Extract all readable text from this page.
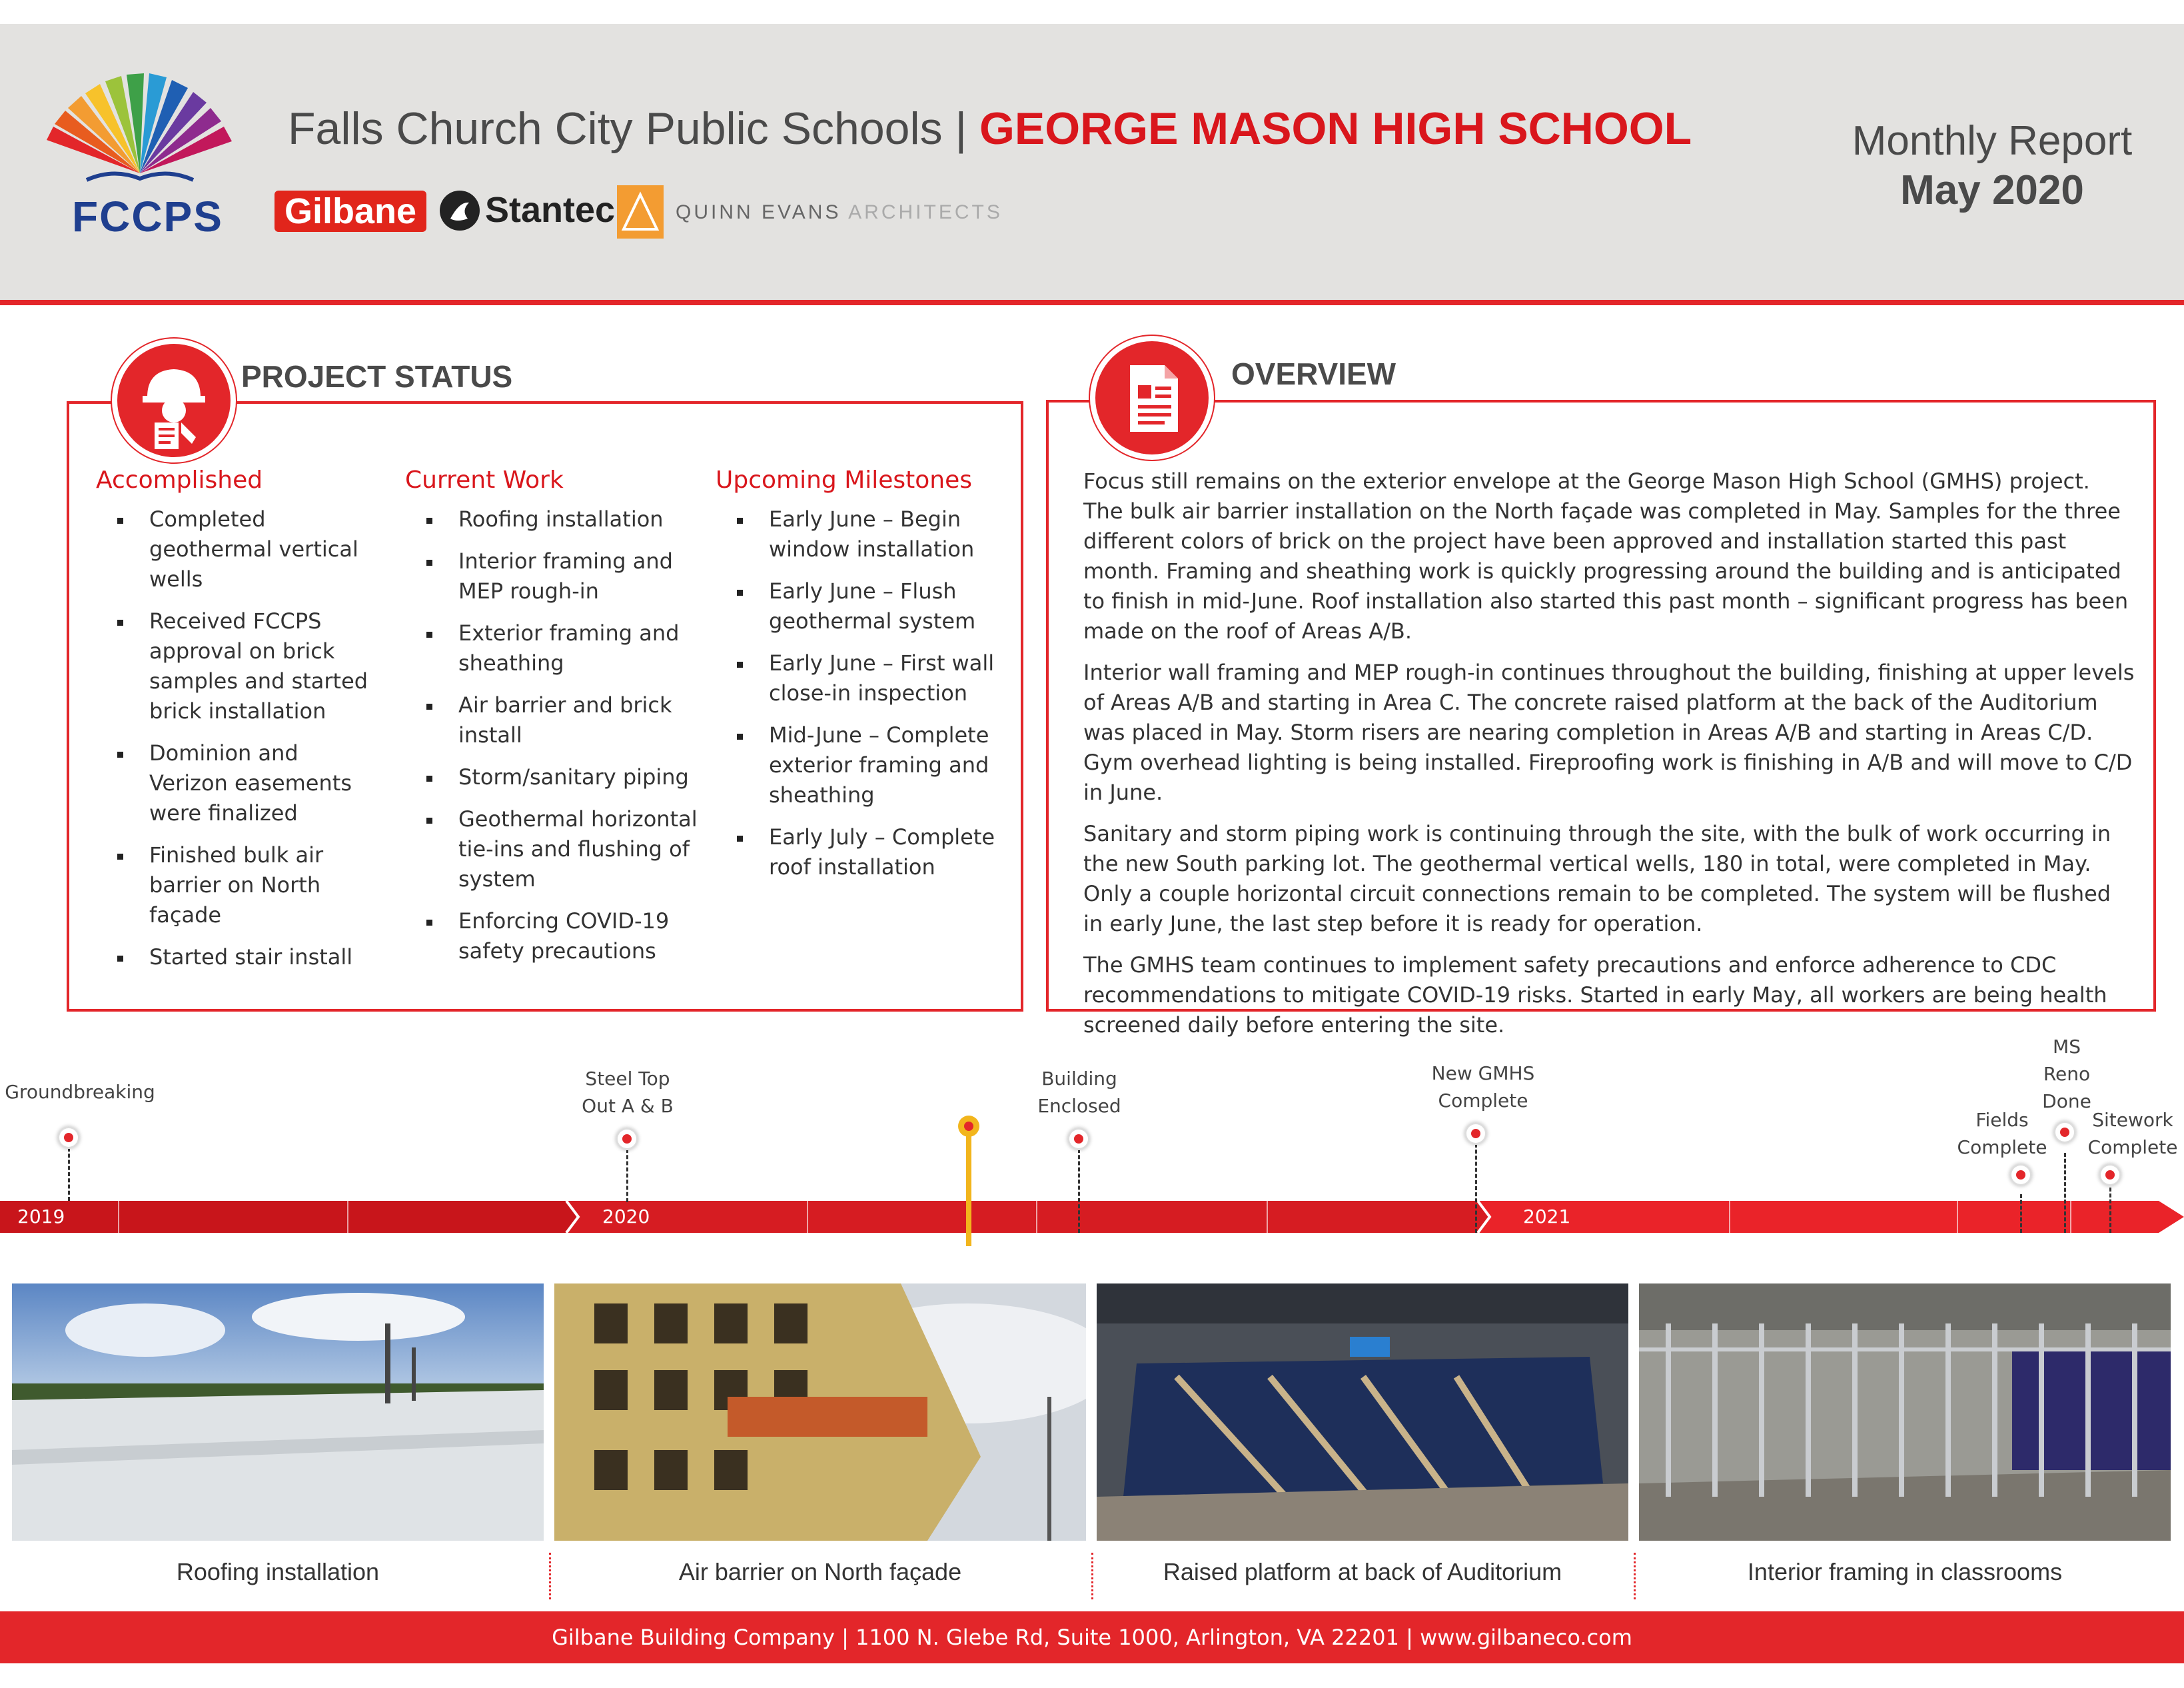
FCCPS
Falls Church City Public Schools | GEORGE MASON HIGH SCHOOL	Monthly Report
May 2020
Gilbane Stantec	QUINN EVANS ARCHITECTS
PROJECT STATUS
Accomplished
Completed geothermal vertical wells
Received FCCPS approval on brick samples and started brick installation
Dominion and Verizon easements were finalized
Finished bulk air barrier on North façade
Started stair install
Current Work
Roofing installation
Interior framing and MEP rough-in
Exterior framing and sheathing
Air barrier and brick install
Storm/sanitary piping
Geothermal horizontal tie-ins and flushing of system
Enforcing COVID-19 safety precautions
Upcoming Milestones
Early June – Begin window installation
Early June – Flush geothermal system
Early June – First wall close-in inspection
Mid-June – Complete exterior framing and sheathing
Early July – Complete roof installation
OVERVIEW

Focus still remains on the exterior envelope at the George Mason High School (GMHS) project. The bulk air barrier installation on the North façade was completed in May. Samples for the three different colors of brick on the project have been approved and installation started this past month. Framing and sheathing work is quickly progressing around the building and is anticipated to finish in mid-June. Roof installation also started this past month – significant progress has been made on the roof of Areas A/B.

Interior wall framing and MEP rough-in continues throughout the building, finishing at upper levels of Areas A/B and starting in Area C. The concrete raised platform at the back of the Auditorium was placed in May. Storm risers are nearing completion in Areas A/B and starting in Areas C/D. Gym overhead lighting is being installed. Fireproofing work is finishing in A/B and will move to C/D in June.

Sanitary and storm piping work is continuing through the site, with the bulk of work occurring in the new South parking lot. The geothermal vertical wells, 180 in total, were completed in May. Only a couple horizontal circuit connections remain to be completed. The system will be flushed in early June, the last step before it is ready for operation.

The GMHS team continues to implement safety precautions and enforce adherence to CDC recommendations to mitigate COVID-19 risks. Started in early May, all workers are being health screened daily before entering the site.

2019	2020	2021
Groundbreaking
Steel Top
Out A & B
Building
Enclosed
New GMHS
Complete
Fields
Complete
MS
Reno
Done
Sitework
Complete
Roofing installation	Air barrier on North façade	Raised platform at back of Auditorium	Interior framing in classrooms
Gilbane Building Company | 1100 N. Glebe Rd, Suite 1000, Arlington, VA 22201 | www.gilbaneco.com
